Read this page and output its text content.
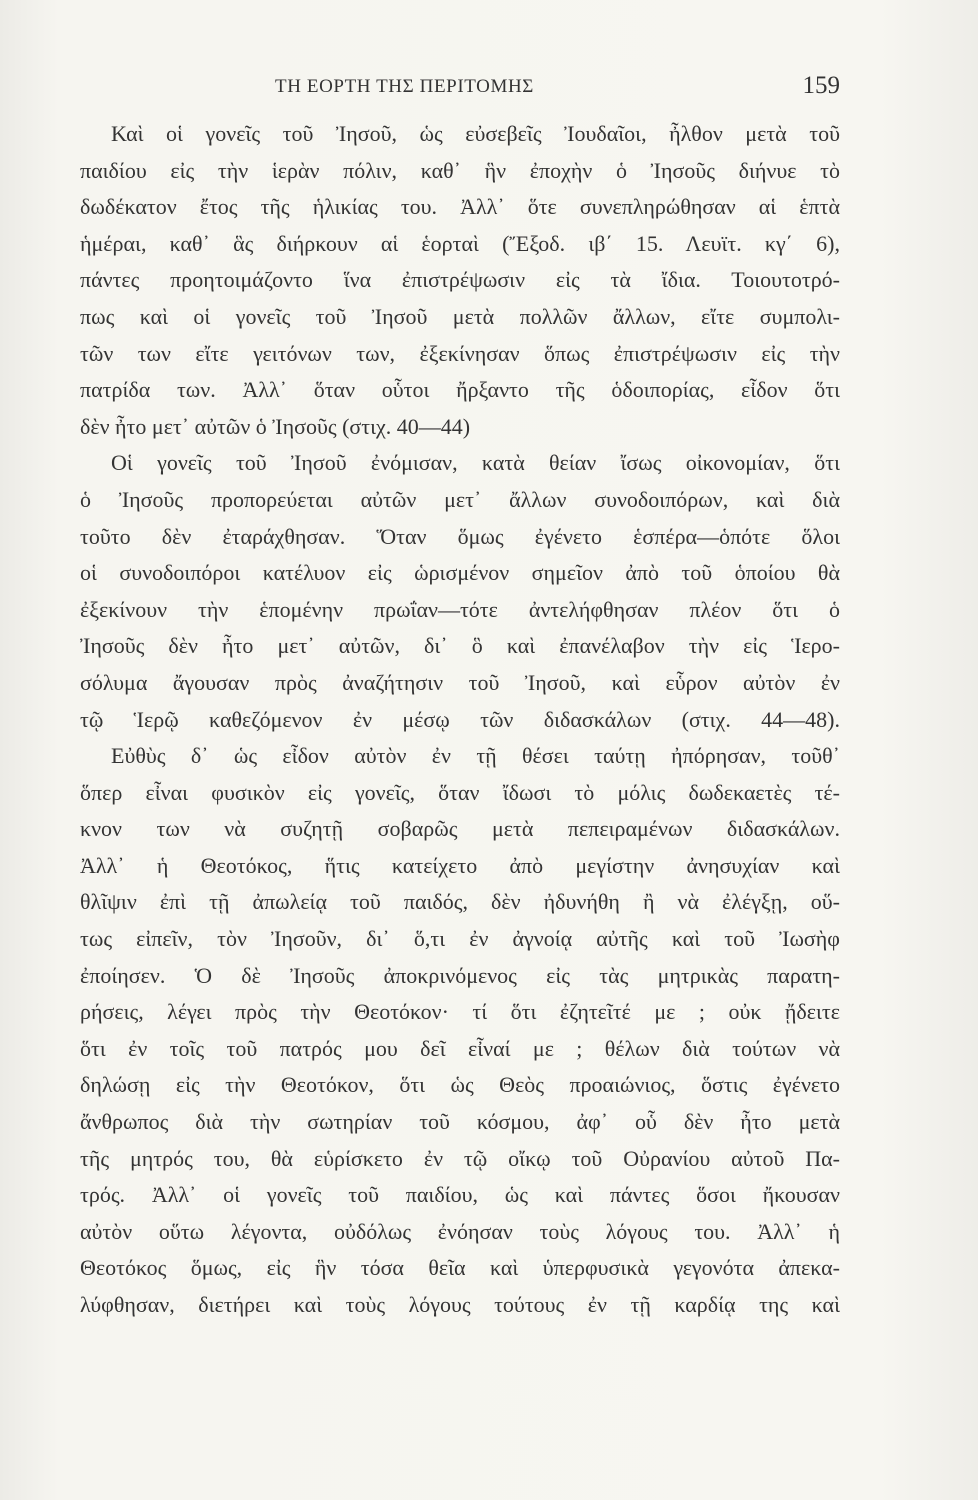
ΤΗ ΕΟΡΤΗ ΤΗΣ ΠΕΡΙΤΟΜΗΣ	159
Καὶ οἱ γονεῖς τοῦ Ἰησοῦ, ὡς εὐσεβεῖς Ἰουδαῖοι, ἦλθον μετὰ τοῦ
παιδίου εἰς τὴν ἱερὰν πόλιν, καθ᾽ ἣν ἐποχὴν ὁ Ἰησοῦς διήνυε τὸ
δωδέκατον ἔτος τῆς ἡλικίας του. Ἀλλ᾽ ὅτε συνεπληρώθησαν αἱ ἑπτὰ
ἡμέραι, καθ᾽ ἃς διήρκουν αἱ ἑορταὶ (Ἔξοδ. ιβ΄ 15. Λευϊτ. κγ΄ 6),
πάντες προητοιμάζοντο ἵνα ἐπιστρέψωσιν εἰς τὰ ἴδια. Τοιουτοτρό-
πως καὶ οἱ γονεῖς τοῦ Ἰησοῦ μετὰ πολλῶν ἄλλων, εἴτε συμπολι-
τῶν των εἴτε γειτόνων των, ἐξεκίνησαν ὅπως ἐπιστρέψωσιν εἰς τὴν
πατρίδα των. Ἀλλ᾽ ὅταν οὗτοι ἤρξαντο τῆς ὁδοιπορίας, εἶδον ὅτι
δὲν ἦτο μετ᾽ αὐτῶν ὁ Ἰησοῦς (στιχ. 40—44)
Οἱ γονεῖς τοῦ Ἰησοῦ ἐνόμισαν, κατὰ θείαν ἴσως οἰκονομίαν, ὅτι
ὁ Ἰησοῦς προπορεύεται αὐτῶν μετ᾽ ἄλλων συνοδοιπόρων, καὶ διὰ
τοῦτο δὲν ἐταράχθησαν. Ὅταν ὅμως ἐγένετο ἑσπέρα—ὁπότε ὅλοι
οἱ συνοδοιπόροι κατέλυον εἰς ὡρισμένον σημεῖον ἀπὸ τοῦ ὁποίου θὰ
ἐξεκίνουν τὴν ἑπομένην πρωΐαν—τότε ἀντελήφθησαν πλέον ὅτι ὁ
Ἰησοῦς δὲν ἦτο μετ᾽ αὐτῶν, δι᾽ ὃ καὶ ἐπανέλαβον τὴν εἰς Ἱερο-
σόλυμα ἄγουσαν πρὸς ἀναζήτησιν τοῦ Ἰησοῦ, καὶ εὗρον αὐτὸν ἐν
τῷ Ἱερῷ καθεζόμενον ἐν μέσῳ τῶν διδασκάλων (στιχ. 44—48).
Εὐθὺς δ᾽ ὡς εἶδον αὐτὸν ἐν τῇ θέσει ταύτῃ ἠπόρησαν, τοῦθ᾽
ὅπερ εἶναι φυσικὸν εἰς γονεῖς, ὅταν ἴδωσι τὸ μόλις δωδεκαετὲς τέ-
κνον των νὰ συζητῇ σοβαρῶς μετὰ πεπειραμένων διδασκάλων.
Ἀλλ᾽ ἡ Θεοτόκος, ἥτις κατείχετο ἀπὸ μεγίστην ἀνησυχίαν καὶ
θλῖψιν ἐπὶ τῇ ἀπωλείᾳ τοῦ παιδός, δὲν ἠδυνήθη ἢ νὰ ἐλέγξῃ, οὕ-
τως εἰπεῖν, τὸν Ἰησοῦν, δι᾽ ὅ,τι ἐν ἀγνοίᾳ αὐτῆς καὶ τοῦ Ἰωσὴφ
ἐποίησεν. Ὁ δὲ Ἰησοῦς ἀποκρινόμενος εἰς τὰς μητρικὰς παρατη-
ρήσεις, λέγει πρὸς τὴν Θεοτόκον· τί ὅτι ἐζητεῖτέ με ; οὐκ ᾔδειτε
ὅτι ἐν τοῖς τοῦ πατρός μου δεῖ εἶναί με ; θέλων διὰ τούτων νὰ
δηλώσῃ εἰς τὴν Θεοτόκον, ὅτι ὡς Θεὸς προαιώνιος, ὅστις ἐγένετο
ἄνθρωπος διὰ τὴν σωτηρίαν τοῦ κόσμου, ἀφ᾽ οὗ δὲν ἦτο μετὰ
τῆς μητρός του, θὰ εὑρίσκετο ἐν τῷ οἴκῳ τοῦ Οὐρανίου αὐτοῦ Πα-
τρός. Ἀλλ᾽ οἱ γονεῖς τοῦ παιδίου, ὡς καὶ πάντες ὅσοι ἤκουσαν
αὐτὸν οὕτω λέγοντα, οὐδόλως ἐνόησαν τοὺς λόγους του. Ἀλλ᾽ ἡ
Θεοτόκος ὅμως, εἰς ἣν τόσα θεῖα καὶ ὑπερφυσικὰ γεγονότα ἀπεκα-
λύφθησαν, διετήρει καὶ τοὺς λόγους τούτους ἐν τῇ καρδίᾳ της καὶ
